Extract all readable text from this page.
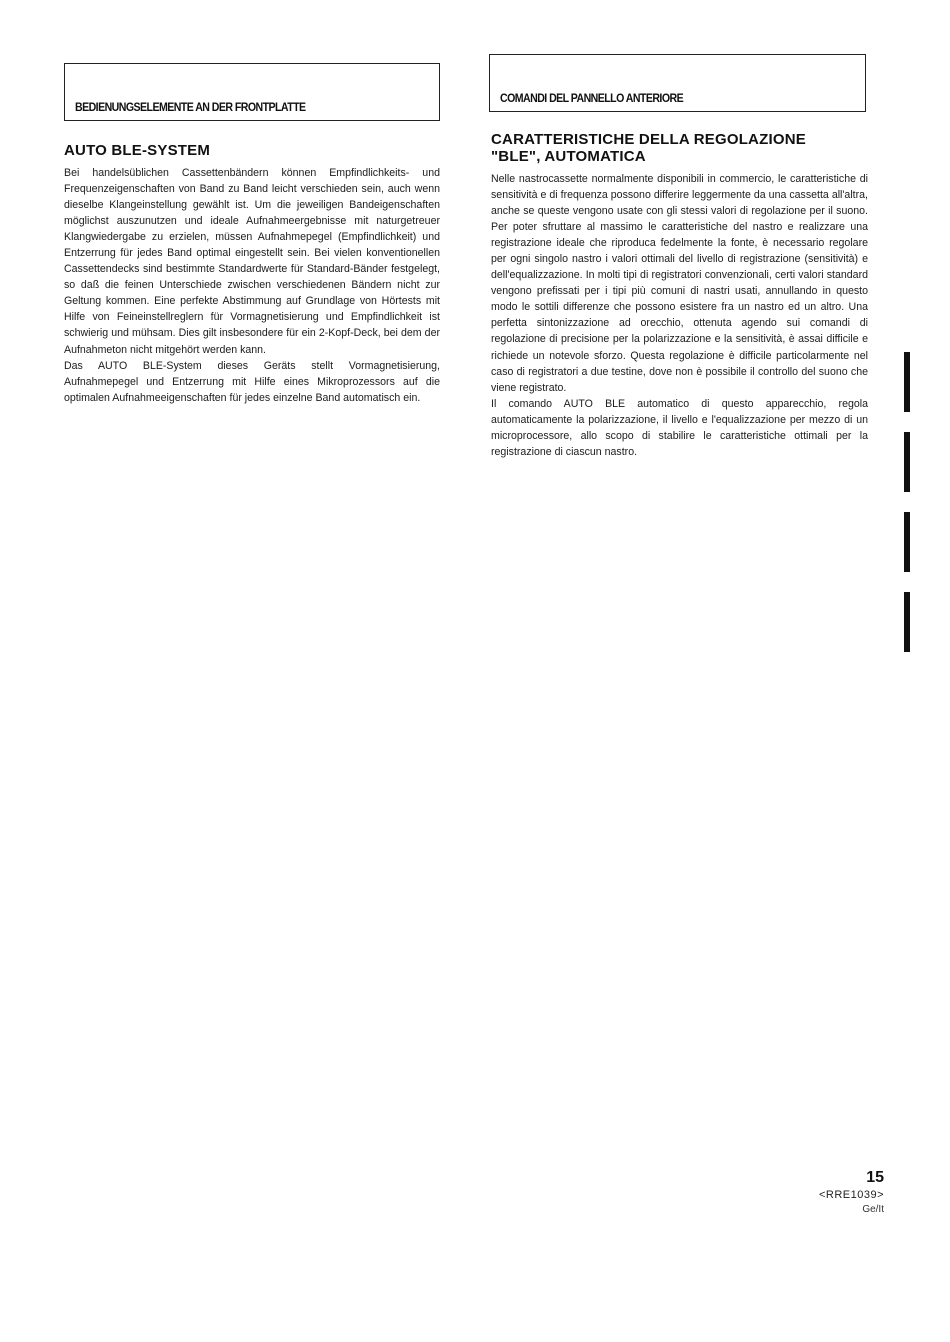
BEDIENUNGSELEMENTE AN DER FRONTPLATTE
COMANDI DEL PANNELLO ANTERIORE
AUTO BLE-SYSTEM

Bei handelsüblichen Cassettenbändern können Empfindlichkeits- und Frequenzeigenschaften von Band zu Band leicht verschieden sein, auch wenn dieselbe Klangeinstellung gewählt ist. Um die jeweiligen Bandeigenschaften möglichst auszunutzen und ideale Aufnahmeergebnisse mit naturgetreuer Klangwiedergabe zu erzielen, müssen Aufnahmepegel (Empfindlichkeit) und Entzerrung für jedes Band optimal eingestellt sein. Bei vielen konventionellen Cassettendecks sind bestimmte Standardwerte für Standard-Bänder festgelegt, so daß die feinen Unterschiede zwischen verschiedenen Bändern nicht zur Geltung kommen. Eine perfekte Abstimmung auf Grundlage von Hörtests mit Hilfe von Feineinstellreglern für Vormagnetisierung und Empfindlichkeit ist schwierig und mühsam. Dies gilt insbesondere für ein 2-Kopf-Deck, bei dem der Aufnahmeton nicht mitgehört werden kann.

Das AUTO BLE-System dieses Geräts stellt Vormagnetisierung, Aufnahmepegel und Entzerrung mit Hilfe eines Mikroprozessors auf die optimalen Aufnahmeeigenschaften für jedes einzelne Band automatisch ein.

CARATTERISTICHE DELLA REGOLAZIONE
"BLE", AUTOMATICA

Nelle nastrocassette normalmente disponibili in commercio, le caratteristiche di sensitività e di frequenza possono differire leggermente da una cassetta all'altra, anche se queste vengono usate con gli stessi valori di regolazione per il suono. Per poter sfruttare al massimo le caratteristiche del nastro e realizzare una registrazione ideale che riproduca fedelmente la fonte, è necessario regolare per ogni singolo nastro i valori ottimali del livello di registrazione (sensitività) e dell'equalizzazione. In molti tipi di registratori convenzionali, certi valori standard vengono prefissati per i tipi più comuni di nastri usati, annullando in questo modo le sottili differenze che possono esistere fra un nastro ed un altro. Una perfetta sintonizzazione ad orecchio, ottenuta agendo sui comandi di regolazione di precisione per la polarizzazione e la sensitività, è assai difficile e richiede un notevole sforzo. Questa regolazione è difficile particolarmente nel caso di registratori a due testine, dove non è possibile il controllo del suono che viene registrato.

Il comando AUTO BLE automatico di questo apparecchio, regola automaticamente la polarizzazione, il livello e l'equalizzazione per mezzo di un microprocessore, allo scopo di stabilire le caratteristiche ottimali per la registrazione di ciascun nastro.

15
<RRE1039>
Ge/It
